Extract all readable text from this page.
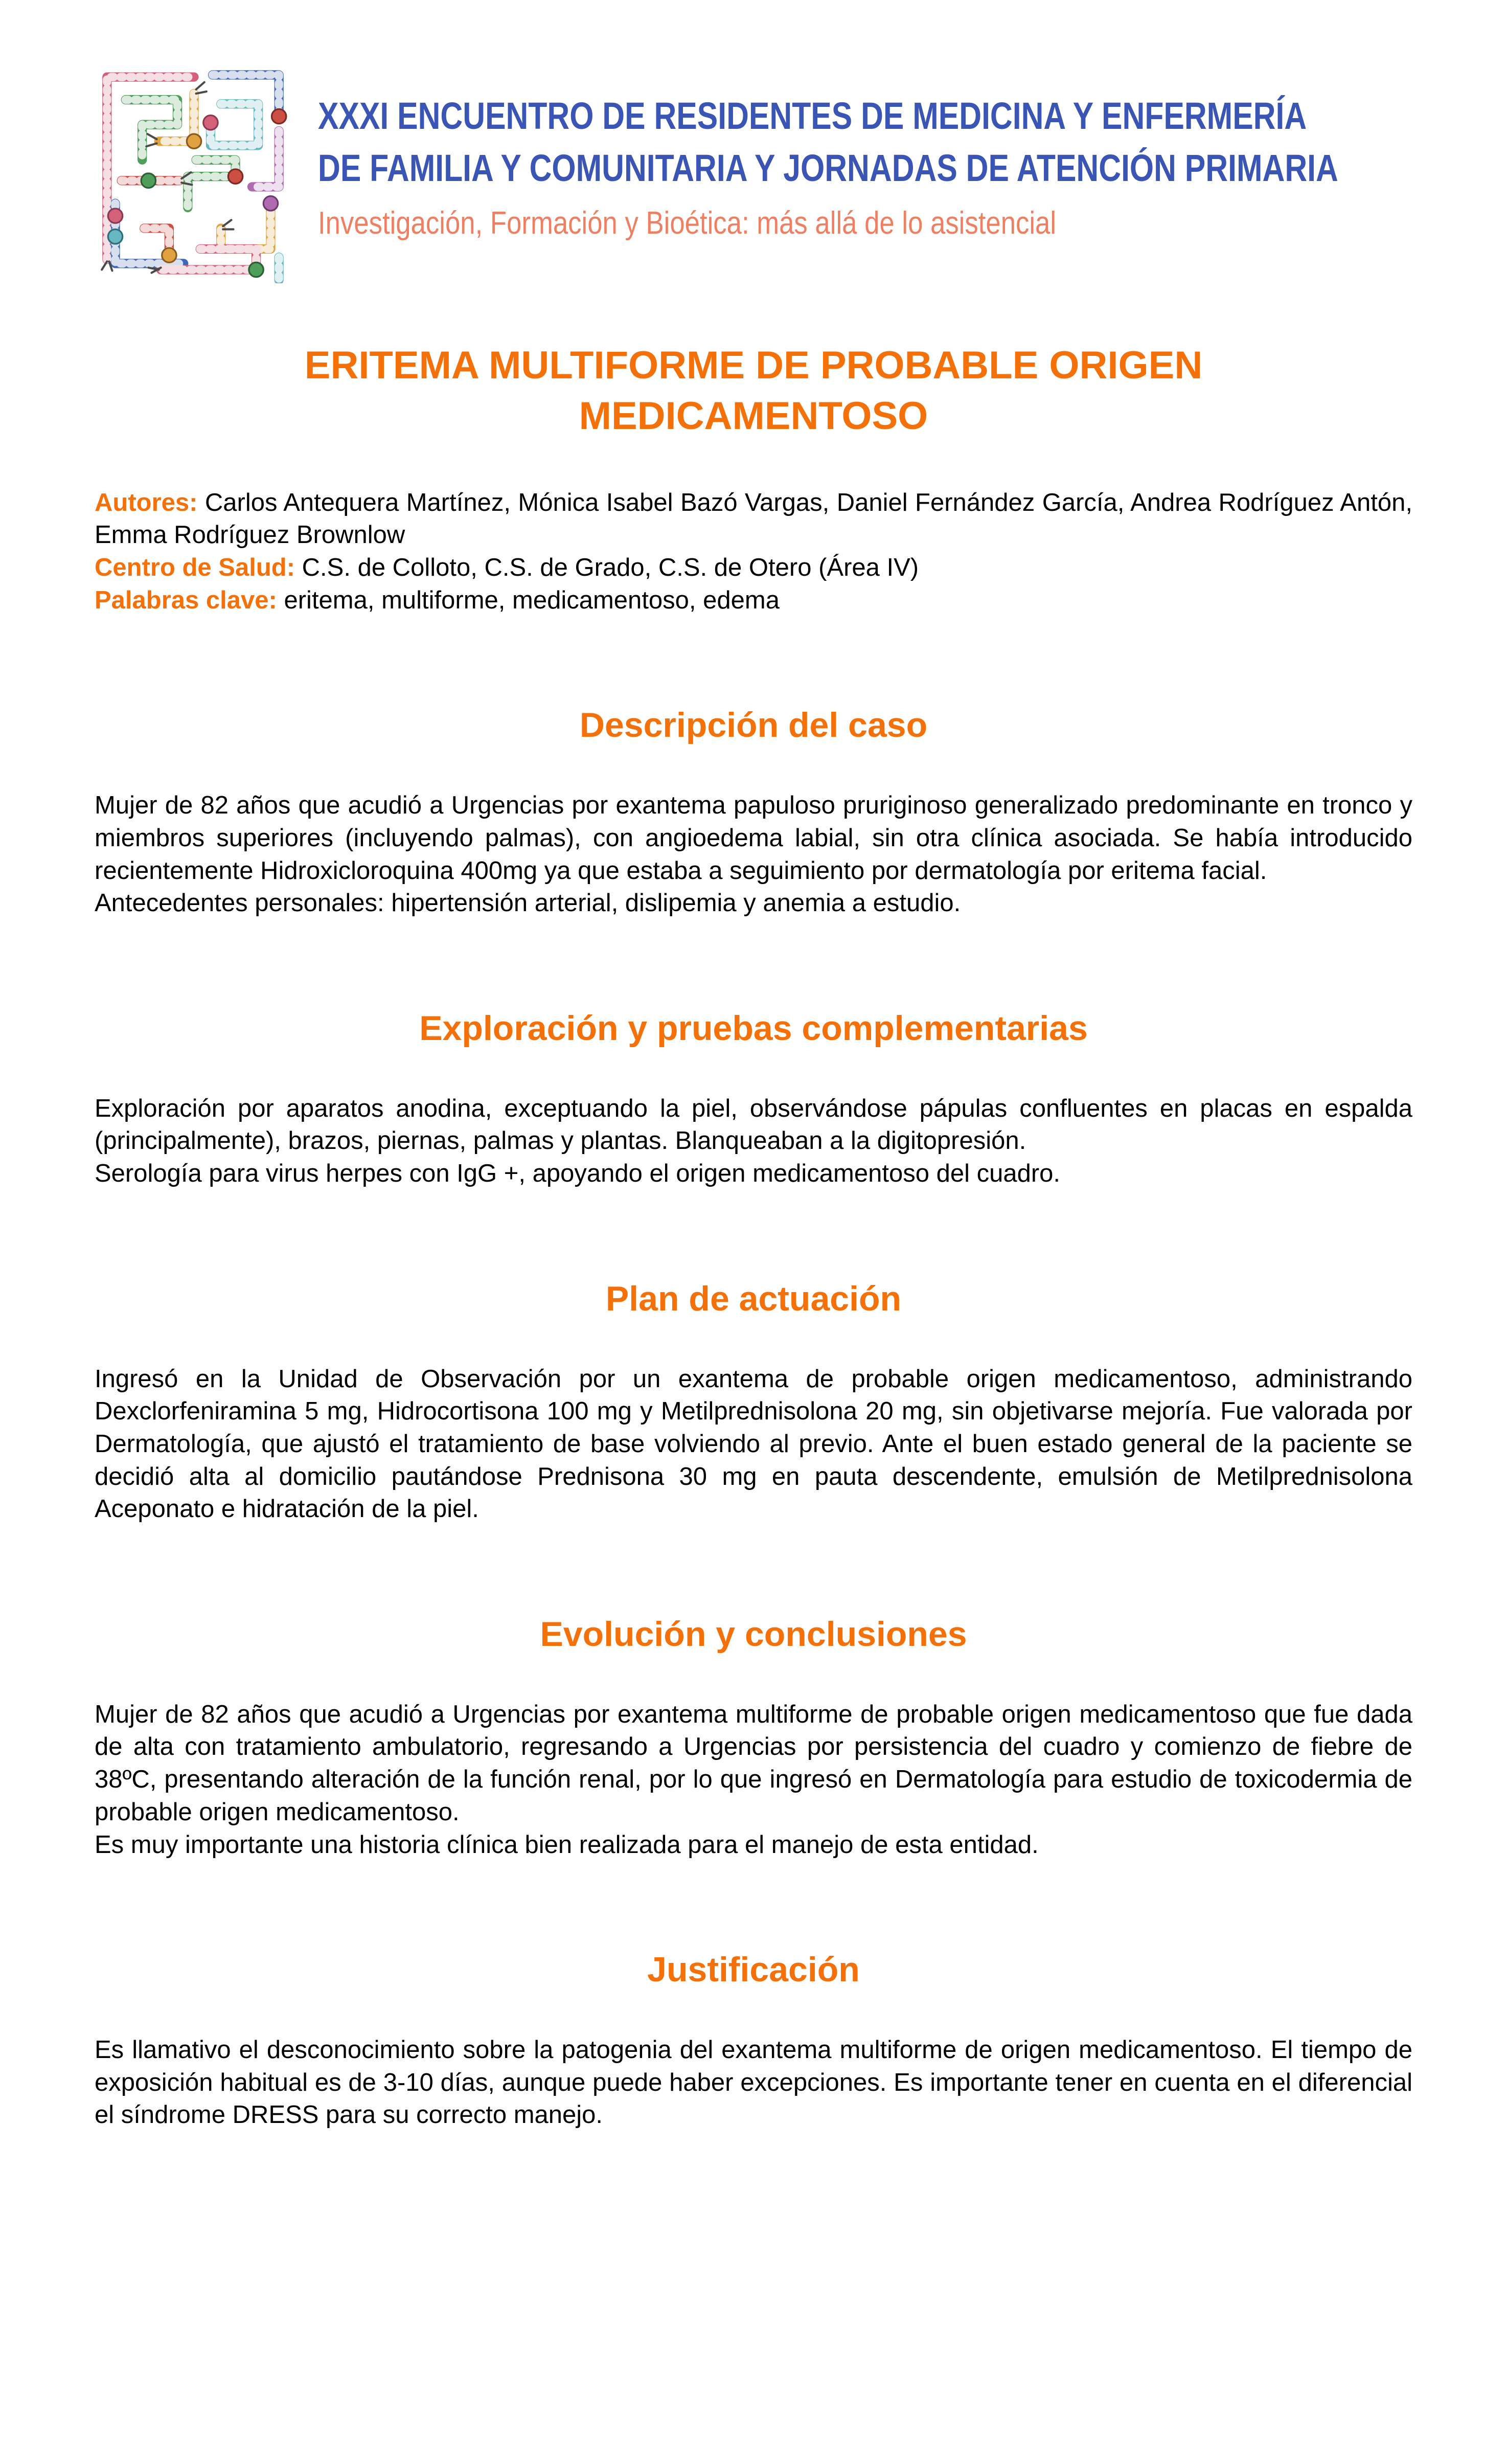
XXXI ENCUENTRO DE RESIDENTES DE MEDICINA Y ENFERMERÍA
DE FAMILIA Y COMUNITARIA Y JORNADAS DE ATENCIÓN PRIMARIA
Investigación, Formación y Bioética: más allá de lo asistencial
ERITEMA MULTIFORME DE PROBABLE ORIGEN
MEDICAMENTOSO

Autores: Carlos Antequera Martínez, Mónica Isabel Bazó Vargas, Daniel Fernández García, Andrea Rodríguez Antón, Emma Rodríguez Brownlow

Centro de Salud: C.S. de Colloto, C.S. de Grado, C.S. de Otero (Área IV)

Palabras clave: eritema, multiforme, medicamentoso, edema

Descripción del caso

Mujer de 82 años que acudió a Urgencias por exantema papuloso pruriginoso generalizado predominante en tronco y miembros superiores (incluyendo palmas), con angioedema labial, sin otra clínica asociada. Se había introducido recientemente Hidroxicloroquina 400mg ya que estaba a seguimiento por dermatología por eritema facial.

Antecedentes personales: hipertensión arterial, dislipemia y anemia a estudio.

Exploración y pruebas complementarias

Exploración por aparatos anodina, exceptuando la piel, observándose pápulas confluentes en placas en espalda (principalmente), brazos, piernas, palmas y plantas. Blanqueaban a la digitopresión.

Serología para virus herpes con IgG +, apoyando el origen medicamentoso del cuadro.

Plan de actuación

Ingresó en la Unidad de Observación por un exantema de probable origen medicamentoso, administrando Dexclorfeniramina 5 mg, Hidrocortisona 100 mg y Metilprednisolona 20 mg, sin objetivarse mejoría. Fue valorada por Dermatología, que ajustó el tratamiento de base volviendo al previo. Ante el buen estado general de la paciente se decidió alta al domicilio pautándose Prednisona 30 mg en pauta descendente, emulsión de Metilprednisolona Aceponato e hidratación de la piel.

Evolución y conclusiones

Mujer de 82 años que acudió a Urgencias por exantema multiforme de probable origen medicamentoso que fue dada de alta con tratamiento ambulatorio, regresando a Urgencias por persistencia del cuadro y comienzo de fiebre de 38ºC, presentando alteración de la función renal, por lo que ingresó en Dermatología para estudio de toxicodermia de probable origen medicamentoso.

Es muy importante una historia clínica bien realizada para el manejo de esta entidad.

Justificación

Es llamativo el desconocimiento sobre la patogenia del exantema multiforme de origen medicamentoso. El tiempo de exposición habitual es de 3-10 días, aunque puede haber excepciones. Es importante tener en cuenta en el diferencial el síndrome DRESS para su correcto manejo.
